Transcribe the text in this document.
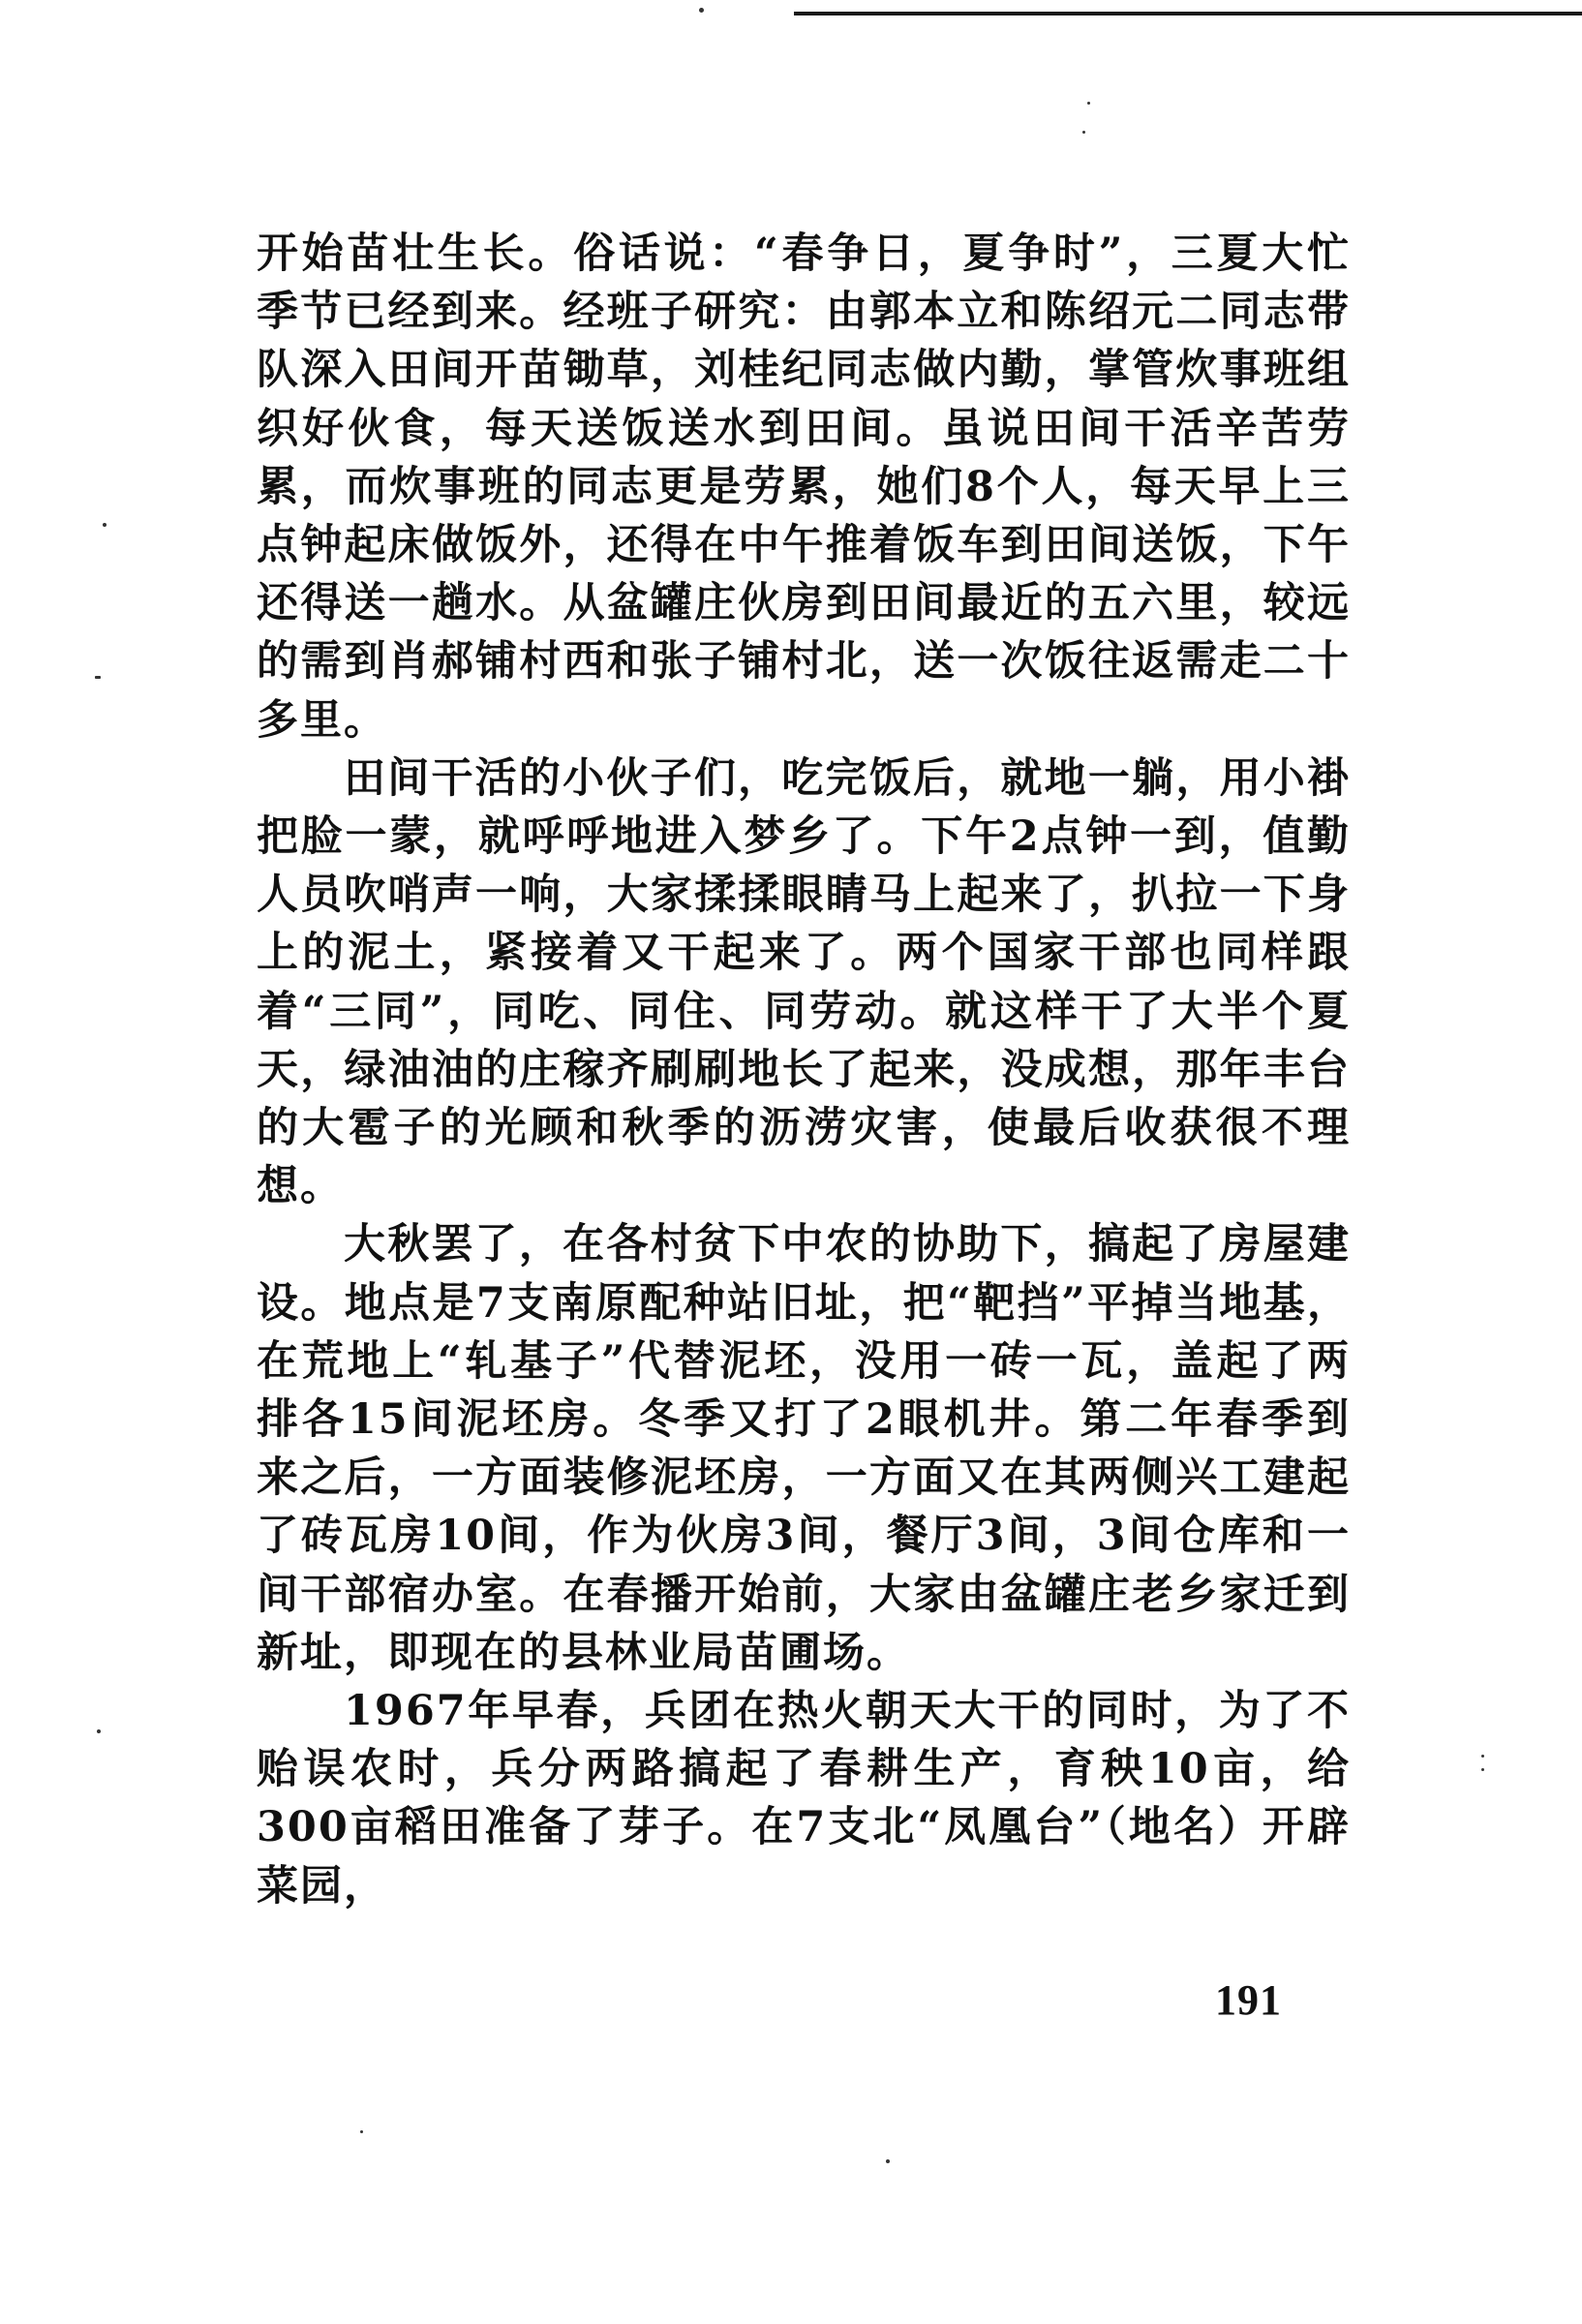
开始苗壮生长。俗话说：“春争日，夏争时”，三夏大忙季节已经到来。经班子研究：由郭本立和陈绍元二同志带队深入田间开苗锄草，刘桂纪同志做内勤，掌管炊事班组织好伙食，每天送饭送水到田间。虽说田间干活辛苦劳累，而炊事班的同志更是劳累，她们8个人，每天早上三点钟起床做饭外，还得在中午推着饭车到田间送饭，下午还得送一趟水。从盆罐庄伙房到田间最近的五六里，较远的需到肖郝铺村西和张子铺村北，送一次饭往返需走二十多里。

田间干活的小伙子们，吃完饭后，就地一躺，用小褂把脸一蒙，就呼呼地进入梦乡了。下午2点钟一到，值勤人员吹哨声一响，大家揉揉眼睛马上起来了，扒拉一下身上的泥土，紧接着又干起来了。两个国家干部也同样跟着“三同”，同吃、同住、同劳动。就这样干了大半个夏天，绿油油的庄稼齐刷刷地长了起来，没成想，那年丰台的大雹子的光顾和秋季的沥涝灾害，使最后收获很不理想。

大秋罢了，在各村贫下中农的协助下，搞起了房屋建设。地点是7支南原配种站旧址，把“靶挡”平掉当地基，在荒地上“轧基子”代替泥坯，没用一砖一瓦，盖起了两排各15间泥坯房。冬季又打了2眼机井。第二年春季到来之后，一方面装修泥坯房，一方面又在其两侧兴工建起了砖瓦房10间，作为伙房3间，餐厅3间，3间仓库和一间干部宿办室。在春播开始前，大家由盆罐庄老乡家迁到新址，即现在的县林业局苗圃场。

1967年早春，兵团在热火朝天大干的同时，为了不贻误农时，兵分两路搞起了春耕生产，育秧10亩，给300亩稻田准备了芽子。在7支北“凤凰台”（地名）开辟菜园，

191
